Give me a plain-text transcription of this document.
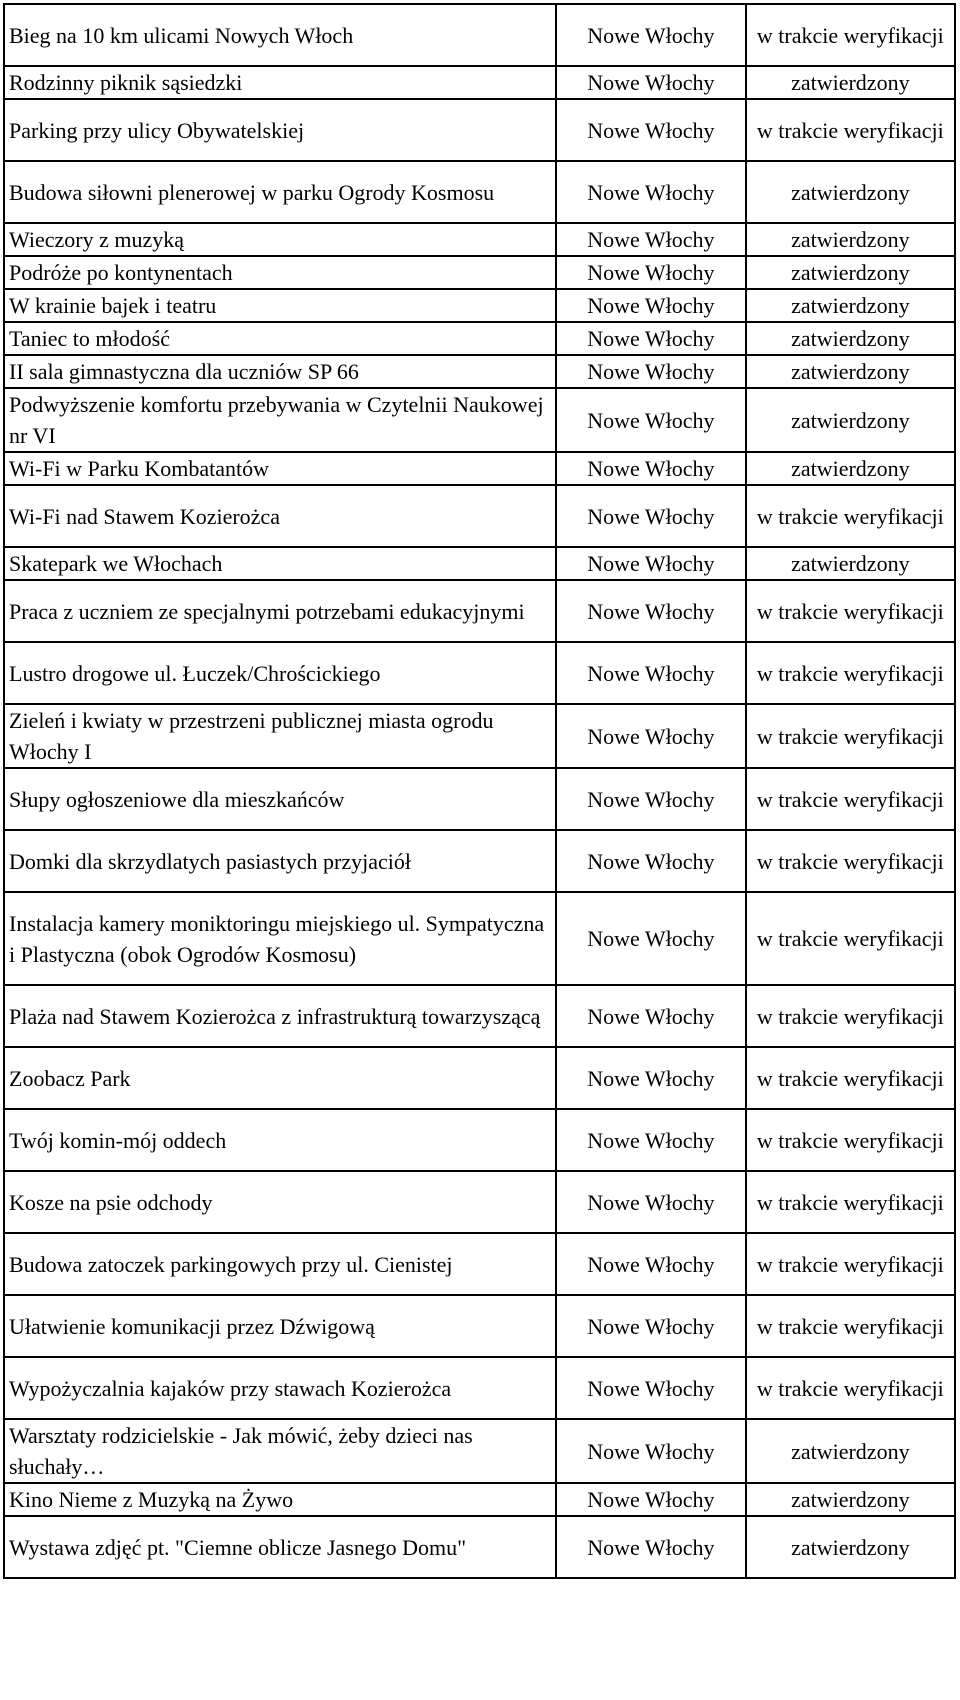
Bieg na 10 km ulicami Nowych Włoch	Nowe Włochy	w trakcie weryfikacji
Rodzinny piknik sąsiedzki	Nowe Włochy	zatwierdzony
Parking przy ulicy Obywatelskiej	Nowe Włochy	w trakcie weryfikacji
Budowa siłowni plenerowej w parku Ogrody Kosmosu	Nowe Włochy	zatwierdzony
Wieczory z muzyką	Nowe Włochy	zatwierdzony
Podróże po kontynentach	Nowe Włochy	zatwierdzony
W krainie bajek i teatru	Nowe Włochy	zatwierdzony
Taniec to młodość	Nowe Włochy	zatwierdzony
II sala gimnastyczna dla uczniów SP 66	Nowe Włochy	zatwierdzony
Podwyższenie komfortu przebywania w Czytelnii Naukowej nr VI	Nowe Włochy	zatwierdzony
Wi-Fi w Parku Kombatantów	Nowe Włochy	zatwierdzony
Wi-Fi nad Stawem Kozierożca	Nowe Włochy	w trakcie weryfikacji
Skatepark we Włochach	Nowe Włochy	zatwierdzony
Praca z uczniem ze specjalnymi potrzebami edukacyjnymi	Nowe Włochy	w trakcie weryfikacji
Lustro drogowe ul. Łuczek/Chrościckiego	Nowe Włochy	w trakcie weryfikacji
Zieleń i kwiaty w przestrzeni publicznej miasta ogrodu Włochy I	Nowe Włochy	w trakcie weryfikacji
Słupy ogłoszeniowe dla mieszkańców	Nowe Włochy	w trakcie weryfikacji
Domki dla skrzydlatych pasiastych przyjaciół	Nowe Włochy	w trakcie weryfikacji
Instalacja kamery moniktoringu miejskiego ul. Sympatyczna i Plastyczna (obok Ogrodów Kosmosu)	Nowe Włochy	w trakcie weryfikacji
Plaża nad Stawem Kozierożca z infrastrukturą towarzyszącą	Nowe Włochy	w trakcie weryfikacji
Zoobacz Park	Nowe Włochy	w trakcie weryfikacji
Twój komin-mój oddech	Nowe Włochy	w trakcie weryfikacji
Kosze na psie odchody	Nowe Włochy	w trakcie weryfikacji
Budowa zatoczek parkingowych przy ul. Cienistej	Nowe Włochy	w trakcie weryfikacji
Ułatwienie komunikacji przez Dźwigową	Nowe Włochy	w trakcie weryfikacji
Wypożyczalnia kajaków przy stawach Kozierożca	Nowe Włochy	w trakcie weryfikacji
Warsztaty rodzicielskie - Jak mówić, żeby dzieci nas słuchały…	Nowe Włochy	zatwierdzony
Kino Nieme z Muzyką na Żywo	Nowe Włochy	zatwierdzony
Wystawa zdjęć pt. "Ciemne oblicze Jasnego Domu"	Nowe Włochy	zatwierdzony
